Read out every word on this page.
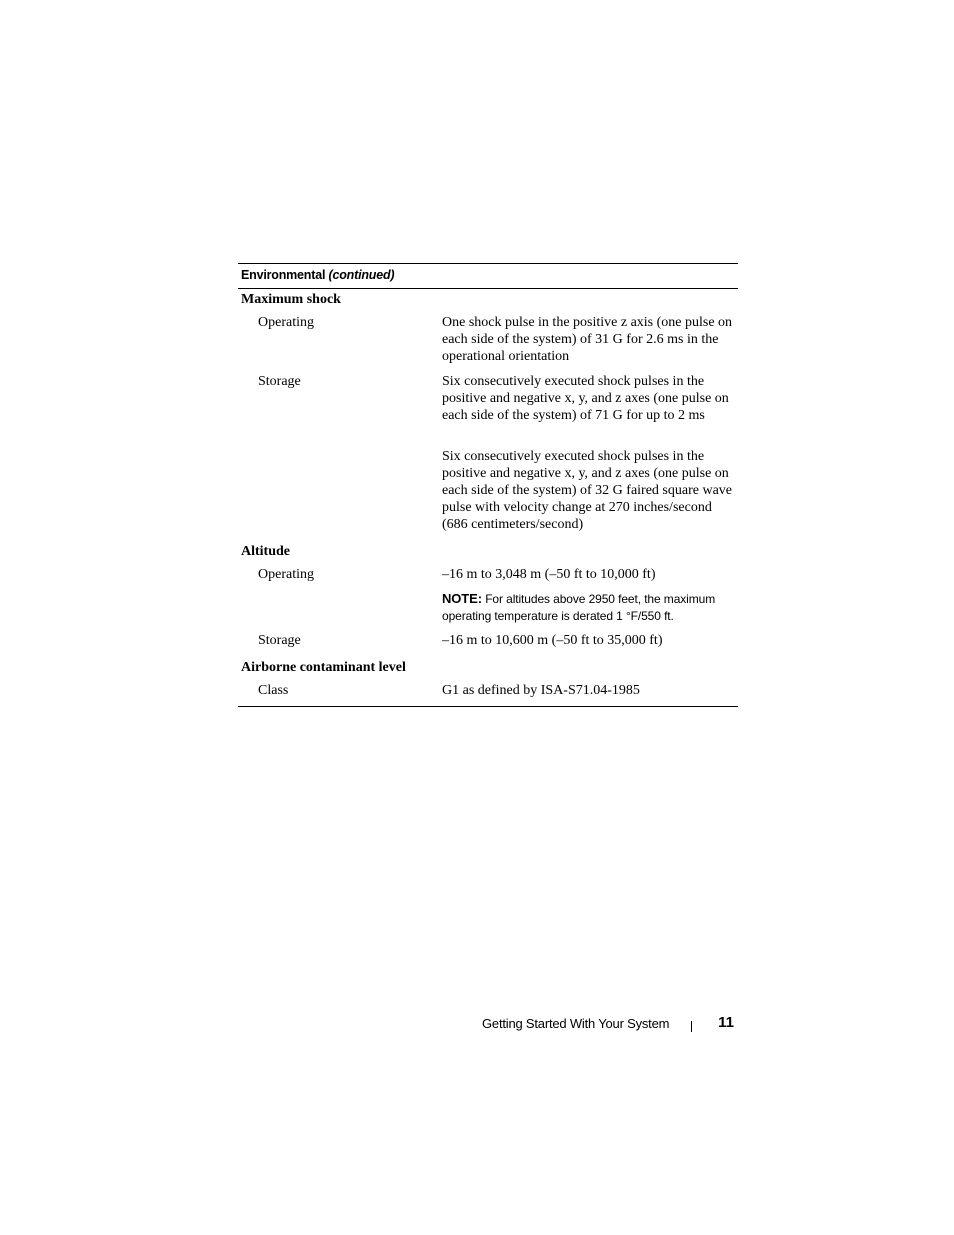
Environmental (continued)
Maximum shock
Operating	One shock pulse in the positive z axis (one pulse on each side of the system) of 31 G for 2.6 ms in the operational orientation
Storage	Six consecutively executed shock pulses in the positive and negative x, y, and z axes (one pulse on each side of the system) of 71 G for up to 2 ms
Six consecutively executed shock pulses in the positive and negative x, y, and z axes (one pulse on each side of the system) of 32 G faired square wave pulse with velocity change at 270 inches/second (686 centimeters/second)
Altitude
Operating	–16 m to 3,048 m (–50 ft to 10,000 ft)
NOTE: For altitudes above 2950 feet, the maximum operating temperature is derated 1 °F/550 ft.
Storage	–16 m to 10,600 m (–50 ft to 35,000 ft)
Airborne contaminant level
Class	G1 as defined by ISA-S71.04-1985
Getting Started With Your System	11
